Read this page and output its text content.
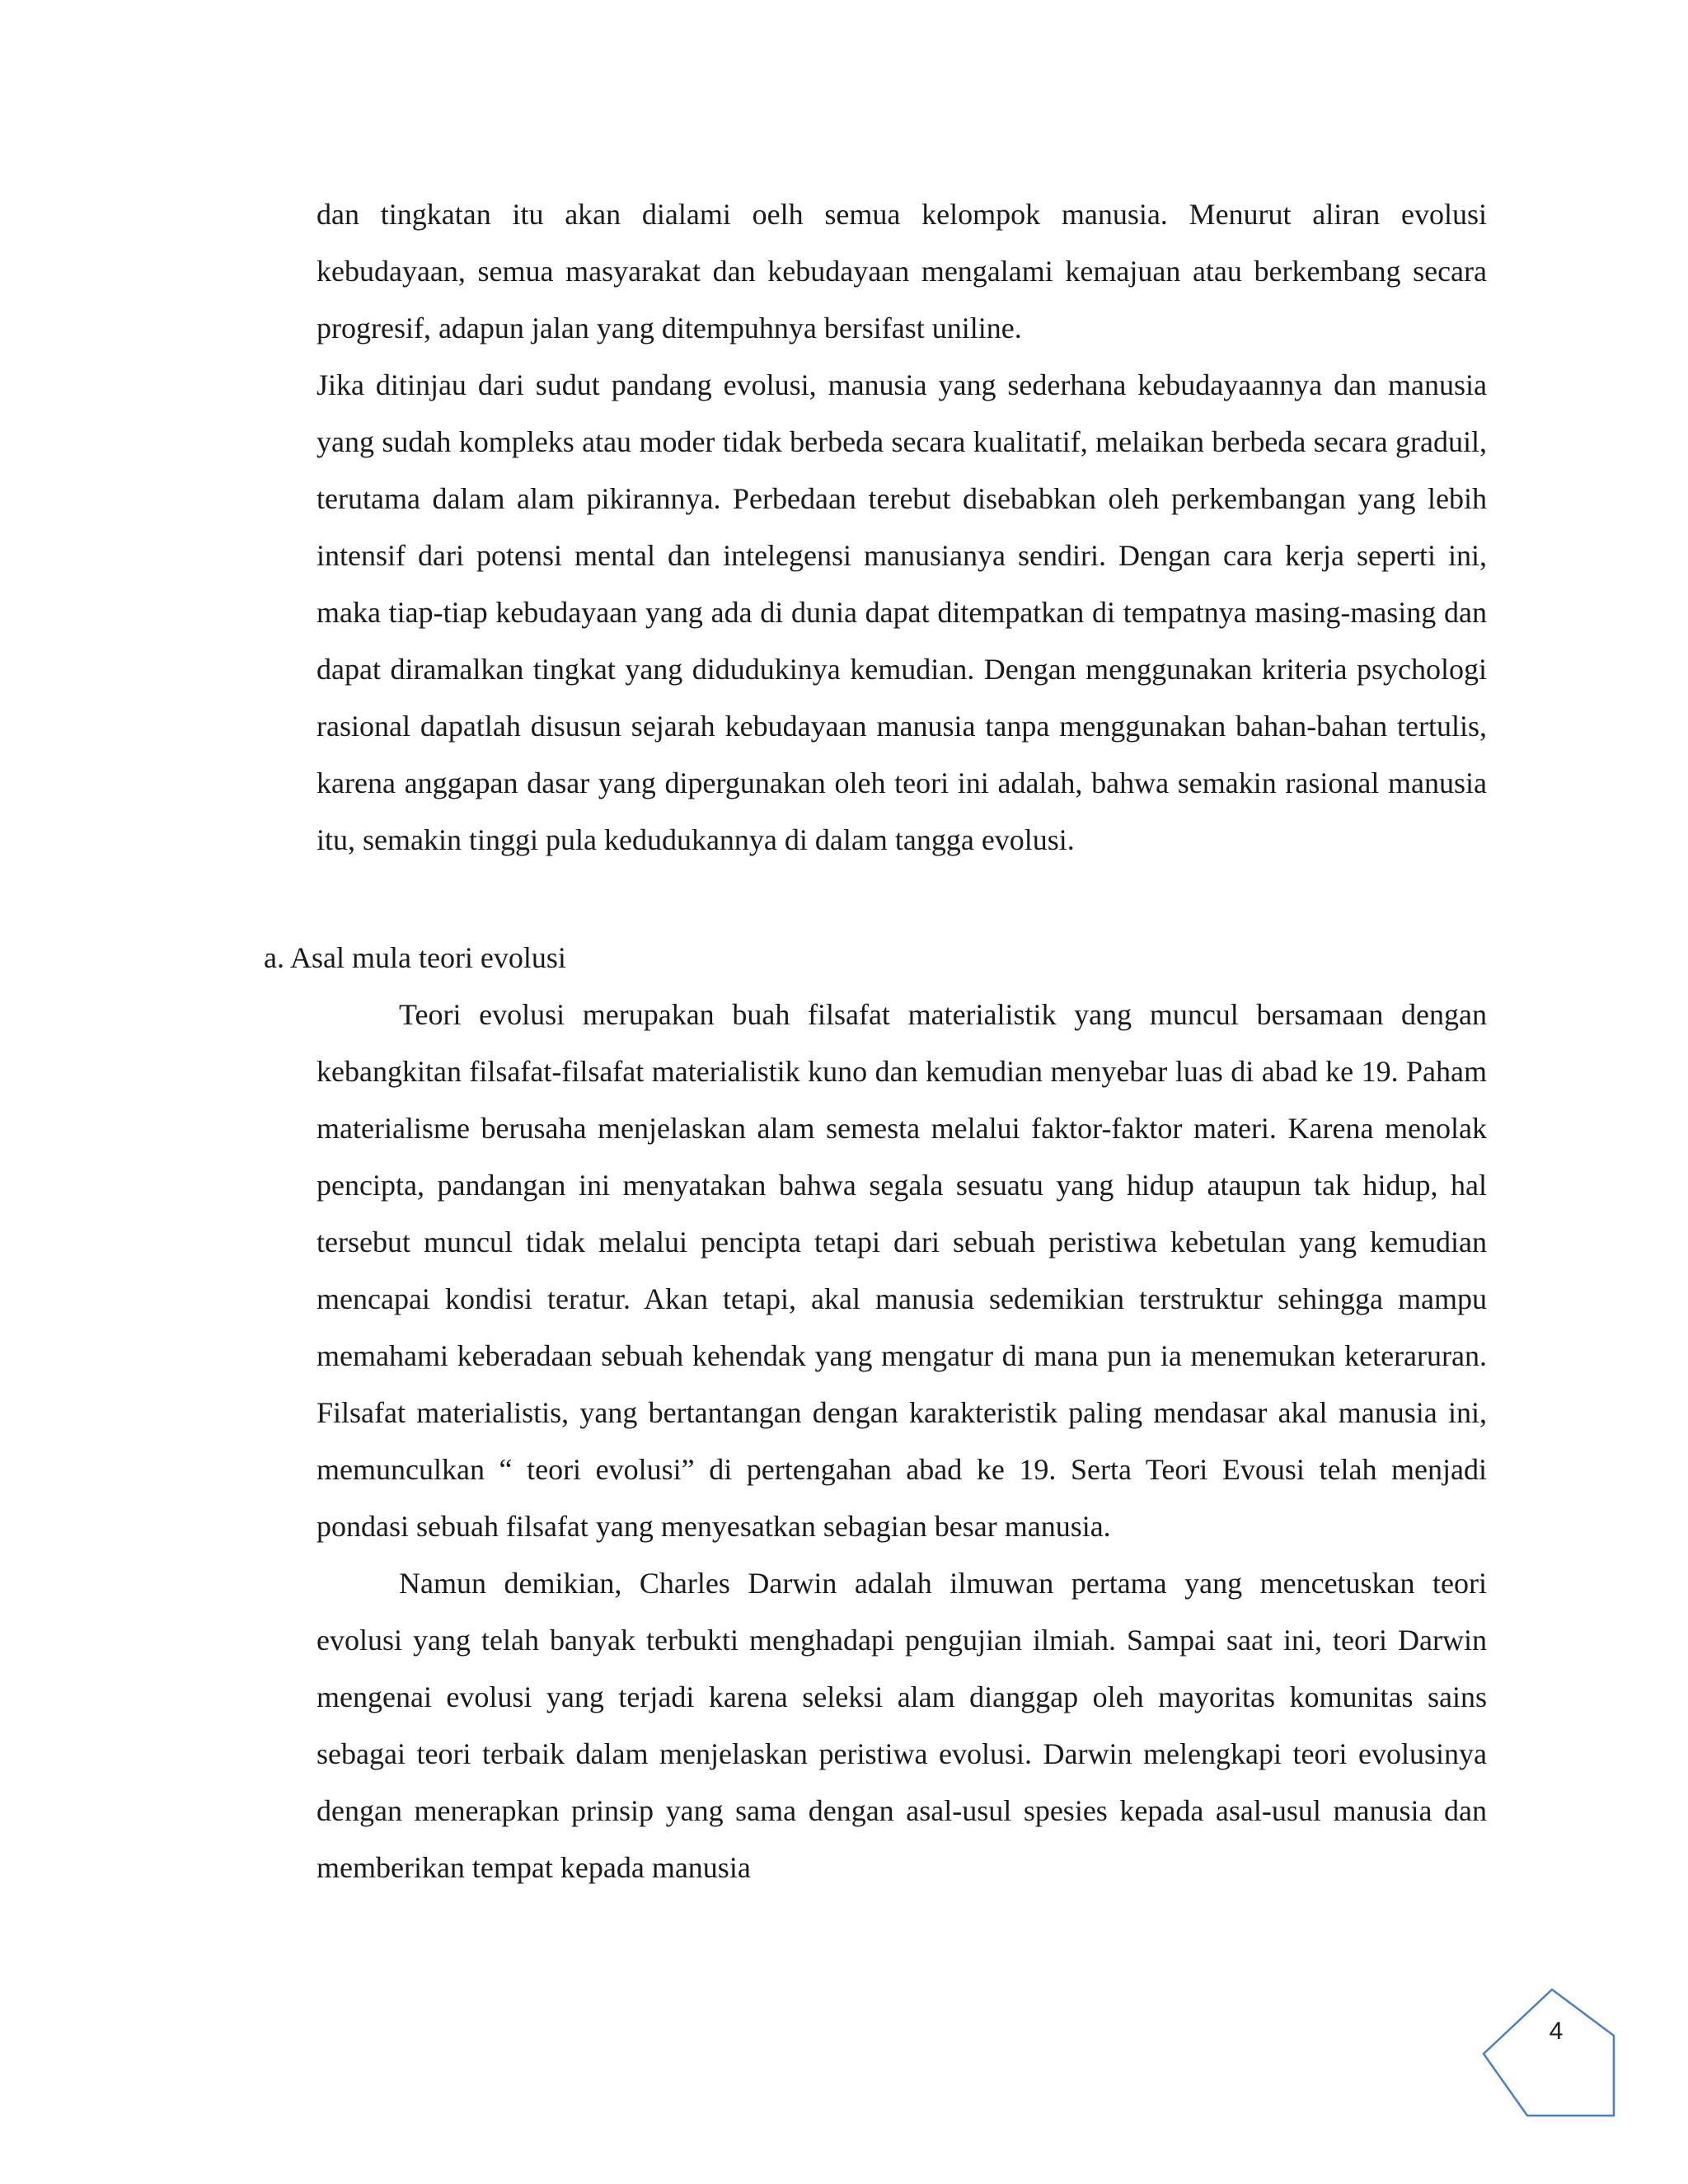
dan tingkatan itu akan dialami oelh semua kelompok manusia. Menurut aliran evolusi kebudayaan, semua masyarakat dan kebudayaan mengalami kemajuan atau berkembang secara progresif, adapun jalan yang ditempuhnya bersifast uniline.

Jika ditinjau dari sudut pandang evolusi, manusia yang sederhana kebudayaannya dan manusia yang sudah kompleks atau moder tidak berbeda secara kualitatif, melaikan berbeda secara graduil, terutama dalam alam pikirannya. Perbedaan terebut disebabkan oleh perkembangan yang lebih intensif dari potensi mental dan intelegensi manusianya sendiri. Dengan cara kerja seperti ini, maka tiap-tiap kebudayaan yang ada di dunia dapat ditempatkan di tempatnya masing-masing dan dapat diramalkan tingkat yang didudukinya kemudian. Dengan menggunakan kriteria psychologi rasional dapatlah disusun sejarah kebudayaan manusia tanpa menggunakan bahan-bahan tertulis, karena anggapan dasar yang dipergunakan oleh teori ini adalah, bahwa semakin rasional manusia itu, semakin tinggi pula kedudukannya di dalam tangga evolusi.

a. Asal mula teori evolusi

Teori evolusi merupakan buah filsafat materialistik yang muncul bersamaan dengan kebangkitan filsafat-filsafat materialistik kuno dan kemudian menyebar luas di abad ke 19. Paham materialisme berusaha menjelaskan alam semesta melalui faktor-faktor materi. Karena menolak pencipta, pandangan ini menyatakan bahwa segala sesuatu yang hidup ataupun tak hidup, hal tersebut muncul tidak melalui pencipta tetapi dari sebuah peristiwa kebetulan yang kemudian mencapai kondisi teratur. Akan tetapi, akal manusia sedemikian terstruktur sehingga mampu memahami keberadaan sebuah kehendak yang mengatur di mana pun ia menemukan keteraruran. Filsafat materialistis, yang bertantangan dengan karakteristik paling mendasar akal manusia ini, memunculkan “ teori evolusi” di pertengahan abad ke 19. Serta Teori Evousi telah menjadi pondasi sebuah filsafat yang menyesatkan sebagian besar manusia.

Namun demikian, Charles Darwin adalah ilmuwan pertama yang mencetuskan teori evolusi yang telah banyak terbukti menghadapi pengujian ilmiah. Sampai saat ini, teori Darwin mengenai evolusi yang terjadi karena seleksi alam dianggap oleh mayoritas komunitas sains sebagai teori terbaik dalam menjelaskan peristiwa evolusi. Darwin melengkapi teori evolusinya dengan menerapkan prinsip yang sama dengan asal-usul spesies kepada asal-usul manusia dan memberikan tempat kepada manusia

4
